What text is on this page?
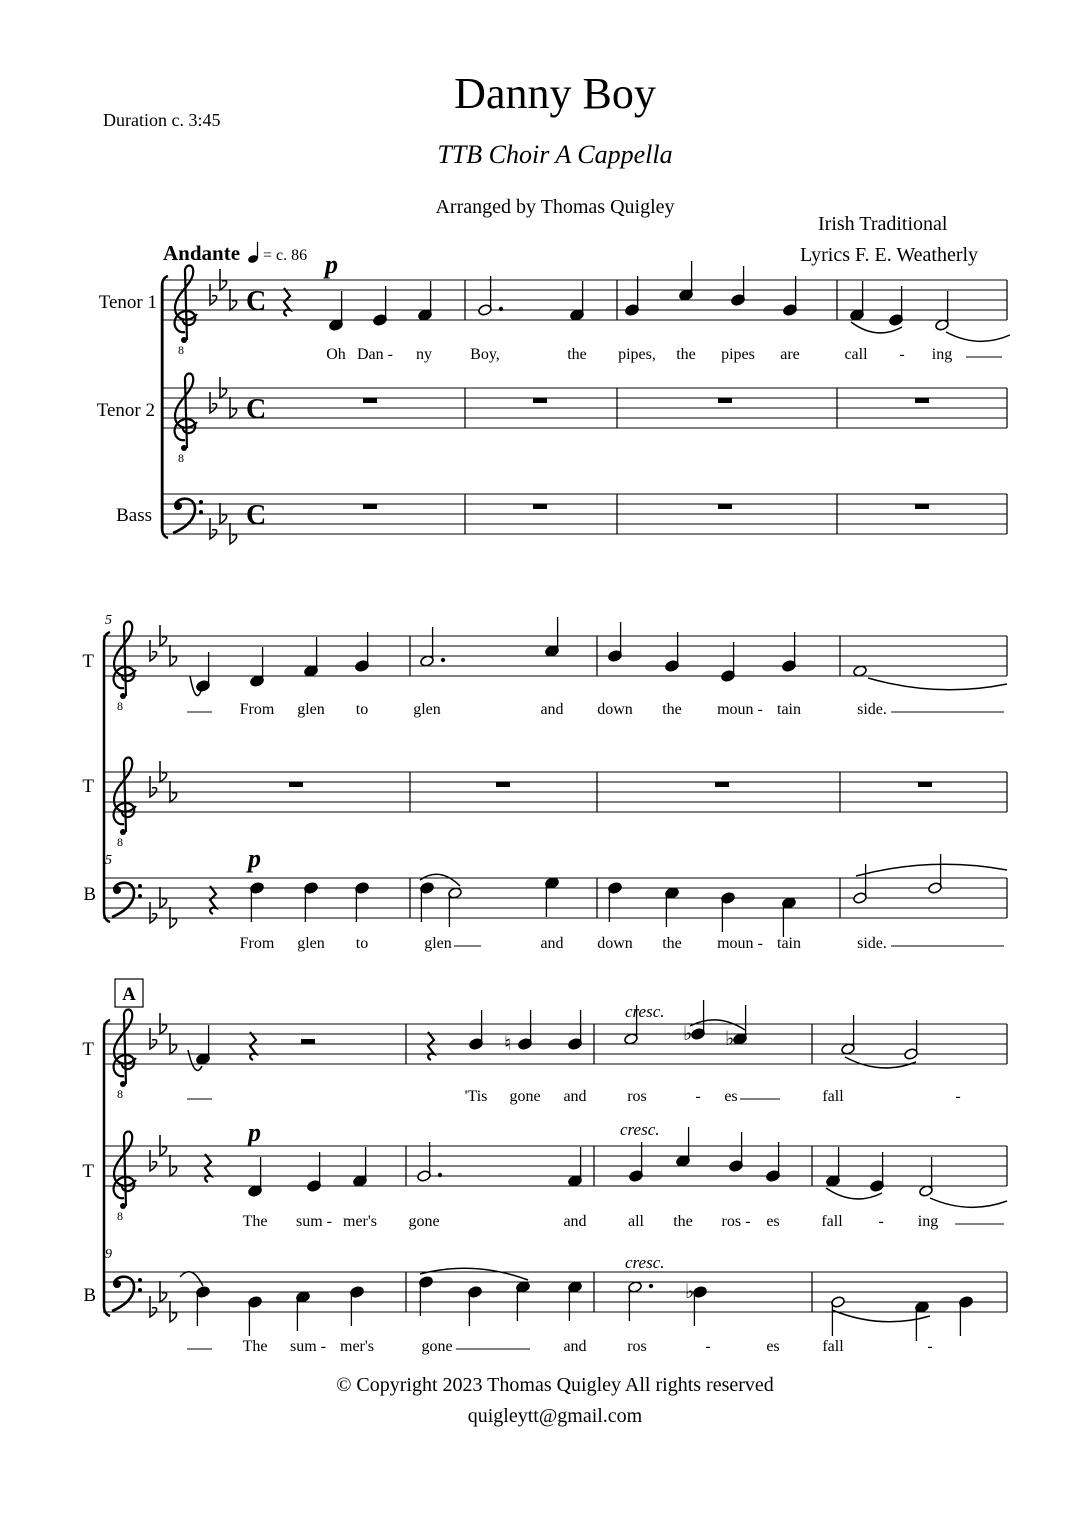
Duration c. 3:45
Danny Boy
TTB Choir A Cappella
Arranged by Thomas Quigley
Irish Traditional
Lyrics F. E. Weatherly
Andante = c. 86
Tenor 1
Tenor 2
Bass
T
T
B
T
T
B
5
5
9
A
p
p
p
cresc.
cresc.
cresc.
Oh Dan - ny Boy,	the pipes, the pipes are	call - ing
From glen to	glen	and down the moun - tain	side.
From glen to	glen	and down the moun - tain	side.
'Tis gone and	ros	- es	fall	-
The sum - mer's gone	and	all the ros - es	fall - ing
The sum - mer's	gone	and	ros	-	es	fall	-
8
8
C
C
C
8
8
8
8
♮	♭ ♭
♭
© Copyright 2023 Thomas Quigley All rights reserved
quigleytt@gmail.com
